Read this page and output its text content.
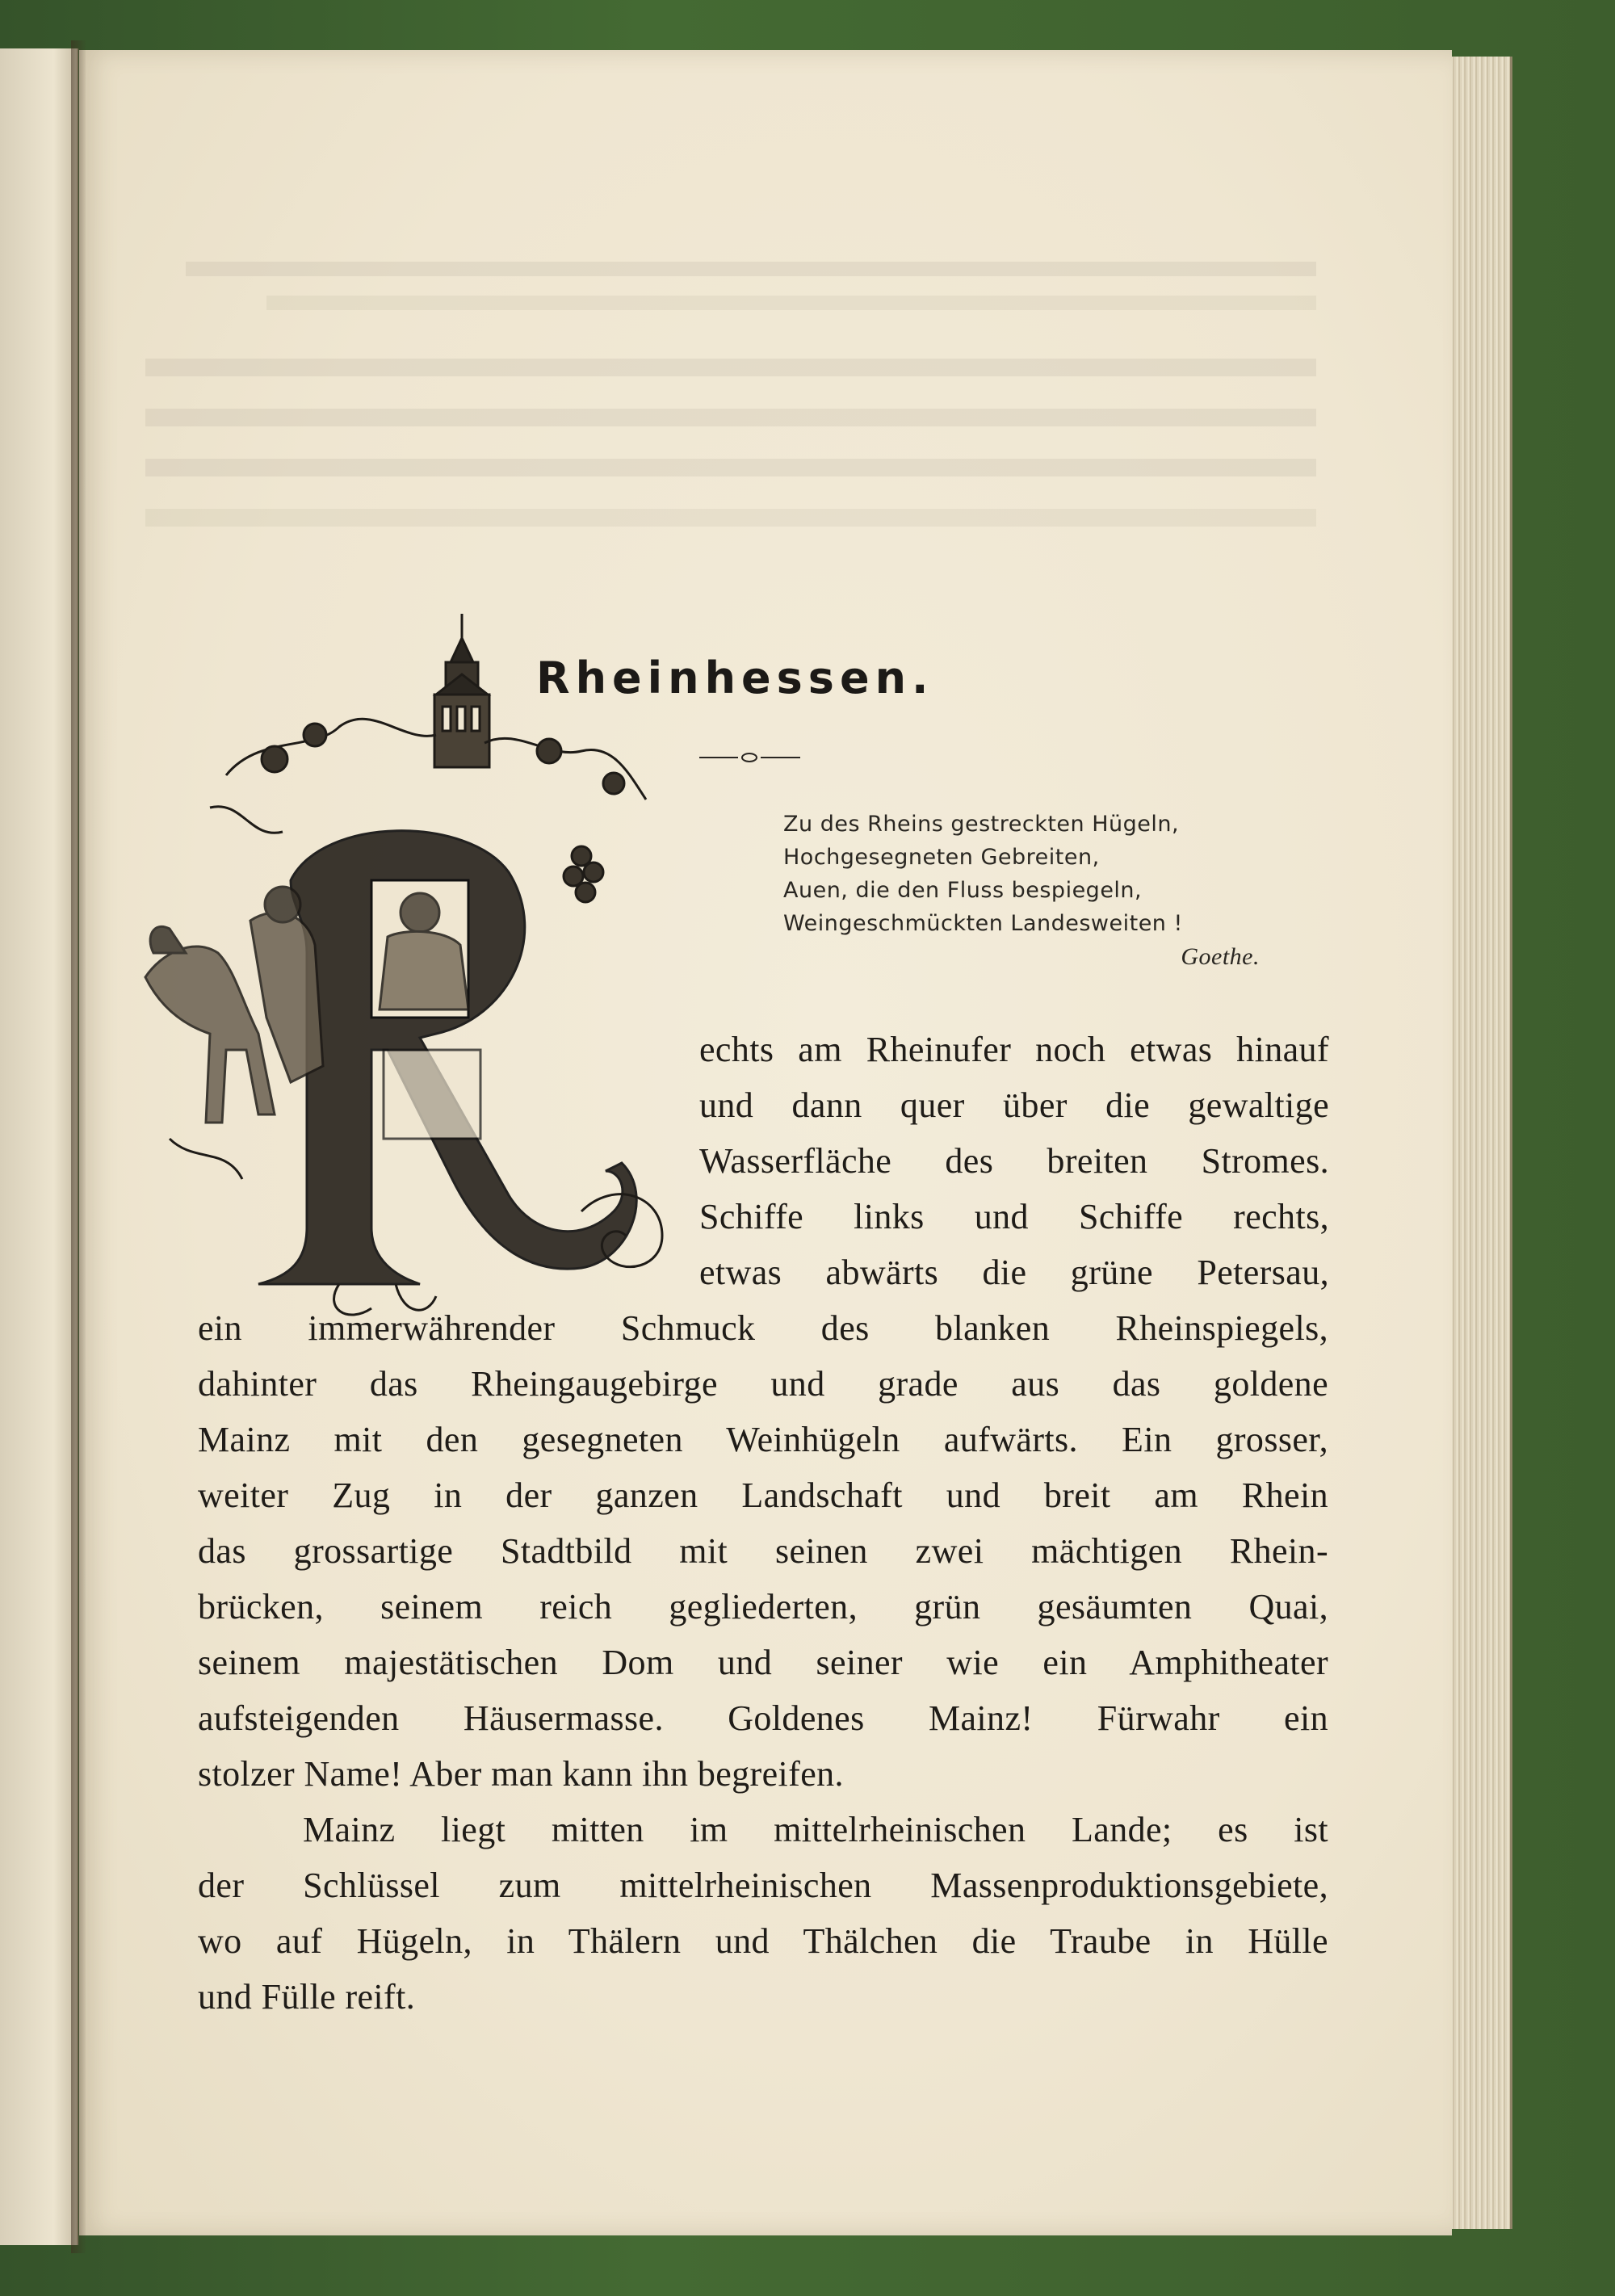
Rheinhessen.
Zu des Rheins gestreckten Hügeln,
Hochgesegneten Gebreiten,
Auen, die den Fluss bespiegeln,
Weingeschmückten Landesweiten !
Goethe.
echts am Rheinufer noch etwas hinauf
und dann quer über die gewaltige
Wasserfläche des breiten Stromes.
Schiffe links und Schiffe rechts,
etwas abwärts die grüne Petersau,
ein immerwährender Schmuck des blanken Rheinspiegels,
dahinter das Rheingaugebirge und grade aus das goldene
Mainz mit den gesegneten Weinhügeln aufwärts. Ein grosser,
weiter Zug in der ganzen Landschaft und breit am Rhein
das grossartige Stadtbild mit seinen zwei mächtigen Rhein-
brücken, seinem reich gegliederten, grün gesäumten Quai,
seinem majestätischen Dom und seiner wie ein Amphitheater
aufsteigenden Häusermasse. Goldenes Mainz! Fürwahr ein
stolzer Name! Aber man kann ihn begreifen.
Mainz liegt mitten im mittelrheinischen Lande; es ist
der Schlüssel zum mittelrheinischen Massenproduktionsgebiete,
wo auf Hügeln, in Thälern und Thälchen die Traube in Hülle
und Fülle reift.
